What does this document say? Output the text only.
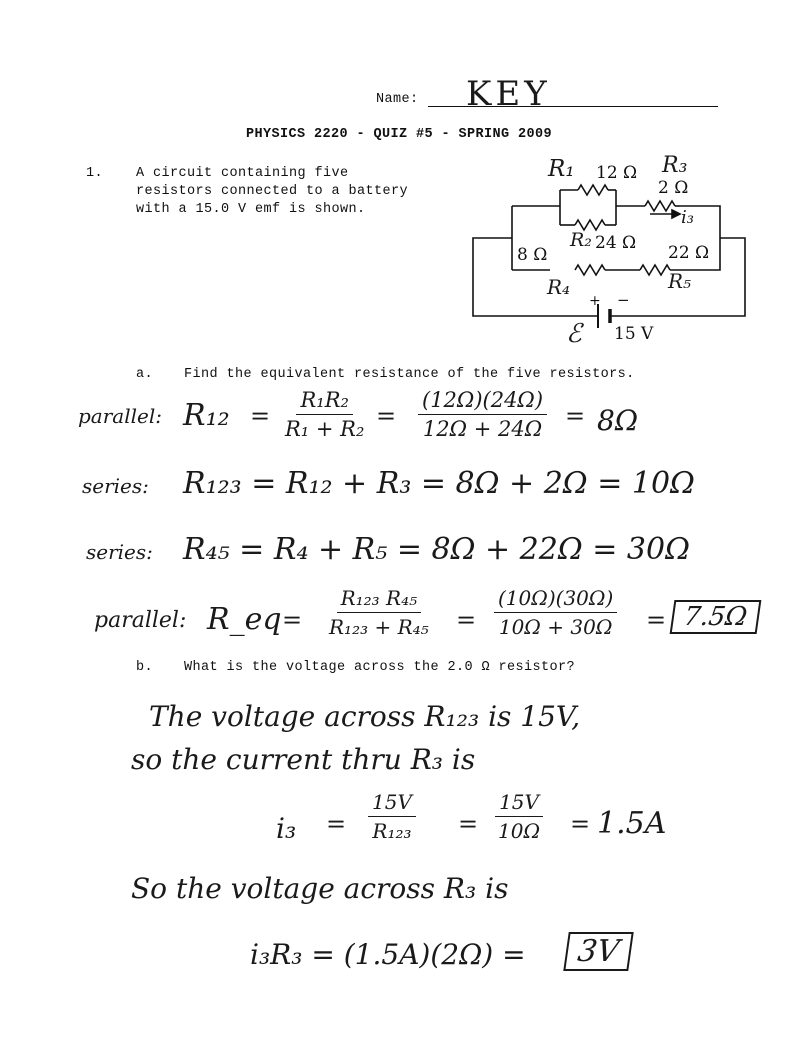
Name: KEY
PHYSICS 2220 - QUIZ #5 - SPRING 2009
1. A circuit containing five
resistors connected to a battery
with a 15.0 V emf is shown.
R₁ 12 Ω R₃
2 Ω
i₃
R₂ 24 Ω
8 Ω
R₄
22 Ω
R₅
+ −
ℰ 15 V
a. Find the equivalent resistance of the five resistors.
parallel: $R_{12} = \frac{\text{R₁R₂}}{\text{R₁ + R₂}} = \frac{(12\Omega)(24\Omega)}{12\Omega + 24\Omega} = 8\Omega$
series: R₁₂₃ = R₁₂ + R₃ = 8Ω + 2Ω = 10Ω
series: R₄₅ = R₄ + R₅ = 8Ω + 22Ω = 30Ω
parallel: R_eq = $\frac{\text{R₁₂₃ R₄₅}}{\text{R₁₂₃ + R₄₅}} = \frac{(10\Omega)(30\Omega)}{10\Omega + 30\Omega} = 7.5\Omega$
b. What is the voltage across the 2.0 Ω resistor?
The voltage across R₁₂₃ is 15V,
so the current thru R₃ is
$i_3 = \frac{15V}{\text{R₁₂₃}} = \frac{15V}{10\Omega} = 1.5A$
So the voltage across R₃ is
i₃R₃ = (1.5A)(2Ω) =	3V
